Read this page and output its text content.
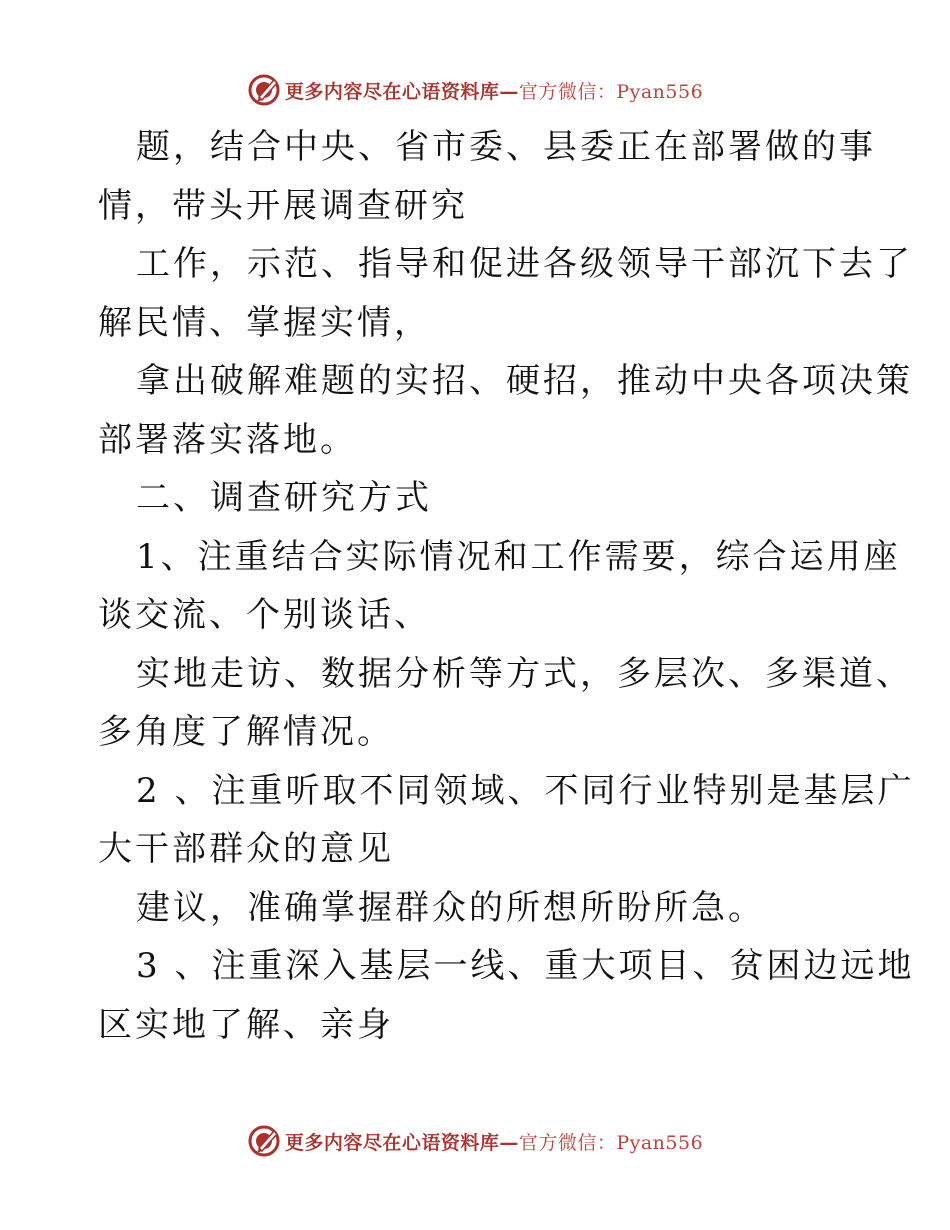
更多内容尽在心语资料库—官方微信：Pyan556
题，结合中央、省市委、县委正在部署做的事
情，带头开展调查研究
工作，示范、指导和促进各级领导干部沉下去了
解民情、掌握实情，
拿出破解难题的实招、硬招，推动中央各项决策
部署落实落地。
二、调查研究方式
1、注重结合实际情况和工作需要，综合运用座
谈交流、个别谈话、
实地走访、数据分析等方式，多层次、多渠道、
多角度了解情况。
2 、注重听取不同领域、不同行业特别是基层广
大干部群众的意见
建议，准确掌握群众的所想所盼所急。
3 、注重深入基层一线、重大项目、贫困边远地
区实地了解、亲身
更多内容尽在心语资料库—官方微信：Pyan556
